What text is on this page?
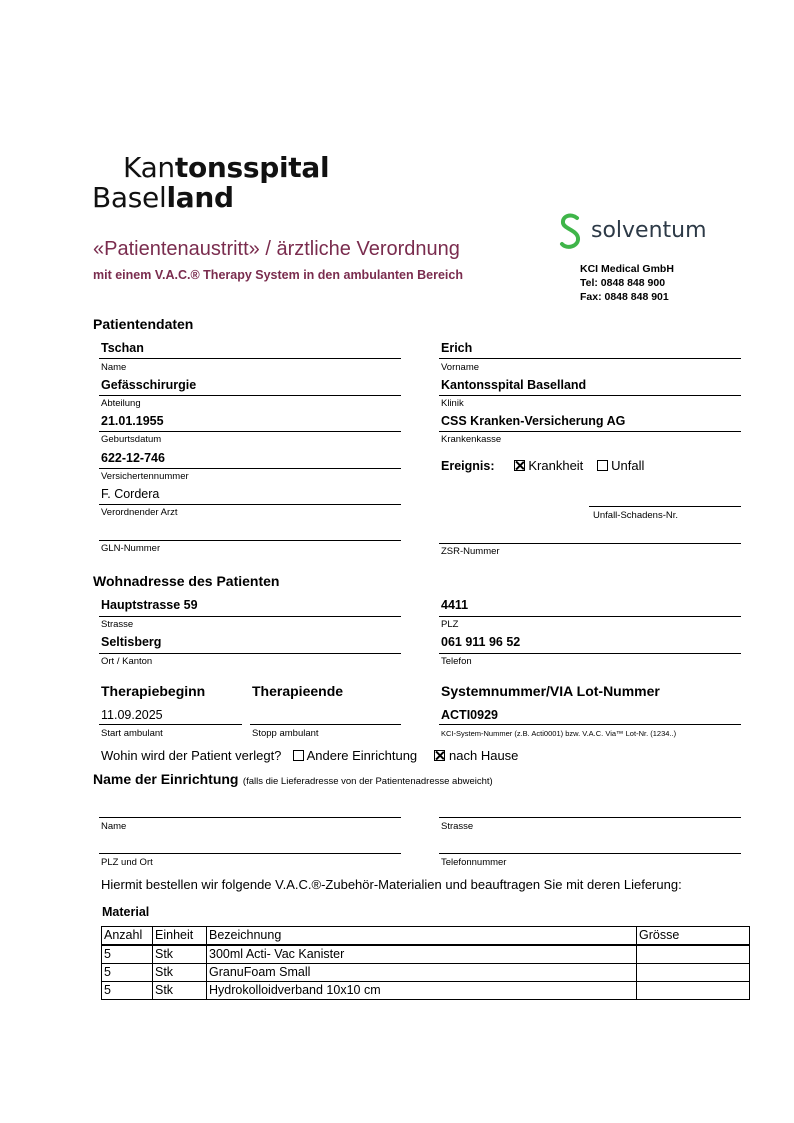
Kantonsspital
Baselland
«Patientenaustritt» / ärztliche Verordnung
mit einem V.A.C.® Therapy System in den ambulanten Bereich
solventum
KCI Medical GmbH
Tel: 0848 848 900
Fax: 0848 848 901
Patientendaten
Tschan
Name
Erich
Vorname
Gefässchirurgie
Abteilung
Kantonsspital Baselland
Klinik
21.01.1955
Geburtsdatum
CSS Kranken-Versicherung AG
Krankenkasse
622-12-746
Versichertennummer
Ereignis:	Krankheit Unfall
F. Cordera
Verordnender Arzt	Unfall-Schadens-Nr.
GLN-Nummer	ZSR-Nummer
Wohnadresse des Patienten
Hauptstrasse 59
Strasse
4411
PLZ
Seltisberg
Ort / Kanton
061 911 96 52
Telefon
Therapiebeginn	Therapieende	Systemnummer/VIA Lot-Nummer
11.09.2025
Start ambulant	Stopp ambulant
ACTI0929
KCI-System-Nummer (z.B. Acti0001) bzw. V.A.C. Via™ Lot-Nr. (1234..)
Wohin wird der Patient verlegt? Andere Einrichtung nach Hause
Name der Einrichtung (falls die Lieferadresse von der Patientenadresse abweicht)
Name	Strasse
PLZ und Ort	Telefonnummer
Hiermit bestellen wir folgende V.A.C.®-Zubehör-Materialien und beauftragen Sie mit deren Lieferung:
Material
Anzahl	Einheit	Bezeichnung	Grösse
5	Stk	300ml Acti- Vac Kanister	
5	Stk	GranuFoam Small	
5	Stk	Hydrokolloidverband 10x10 cm	
